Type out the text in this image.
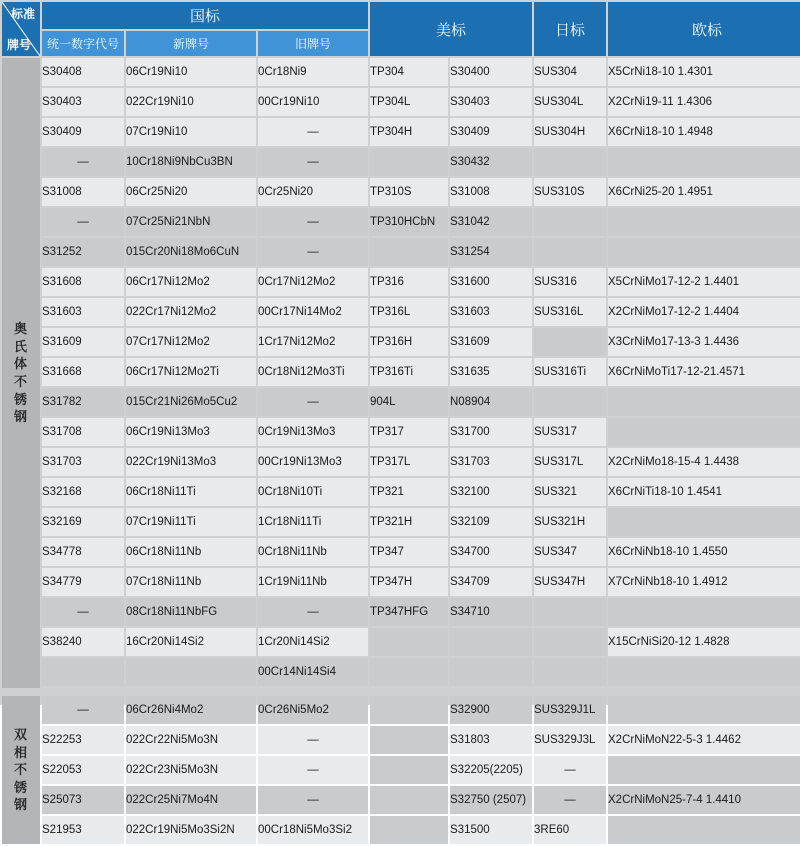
标准
牌号	国标			美标		日标	欧标
	统一数字代号	新牌号	旧牌号				

奥氏体不锈钢	S30408	06Cr19Ni10	0Cr18Ni9	TP304	S30400	SUS304	X5CrNi18-10 1.4301
	S30403	022Cr19Ni10	00Cr19Ni10	TP304L	S30403	SUS304L	X2CrNi19-11 1.4306
	S30409	07Cr19Ni10	—	TP304H	S30409	SUS304H	X6CrNi18-10 1.4948
	—	10Cr18Ni9NbCu3BN	—		S30432		
	S31008	06Cr25Ni20	0Cr25Ni20	TP310S	S31008	SUS310S	X6CrNi25-20 1.4951
	—	07Cr25Ni21NbN	—	TP310HCbN	S31042		
	S31252	015Cr20Ni18Mo6CuN	—		S31254		
	S31608	06Cr17Ni12Mo2	0Cr17Ni12Mo2	TP316	S31600	SUS316	X5CrNiMo17-12-2 1.4401
	S31603	022Cr17Ni12Mo2	00Cr17Ni14Mo2	TP316L	S31603	SUS316L	X2CrNiMo17-12-2 1.4404
	S31609	07Cr17Ni12Mo2	1Cr17Ni12Mo2	TP316H	S31609		X3CrNiMo17-13-3 1.4436
	S31668	06Cr17Ni12Mo2Ti	0Cr18Ni12Mo3Ti	TP316Ti	S31635	SUS316Ti	X6CrNiMoTi17-12-21.4571
	S31782	015Cr21Ni26Mo5Cu2	—	904L	N08904		
	S31708	06Cr19Ni13Mo3	0Cr19Ni13Mo3	TP317	S31700	SUS317	
	S31703	022Cr19Ni13Mo3	00Cr19Ni13Mo3	TP317L	S31703	SUS317L	X2CrNiMo18-15-4 1.4438
	S32168	06Cr18Ni11Ti	0Cr18Ni10Ti	TP321	S32100	SUS321	X6CrNiTi18-10 1.4541
	S32169	07Cr19Ni11Ti	1Cr18Ni11Ti	TP321H	S32109	SUS321H	
	S34778	06Cr18Ni11Nb	0Cr18Ni11Nb	TP347	S34700	SUS347	X6CrNiNb18-10 1.4550
	S34779	07Cr18Ni11Nb	1Cr19Ni11Nb	TP347H	S34709	SUS347H	X7CrNiNb18-10 1.4912
	—	08Cr18Ni11NbFG	—	TP347HFG	S34710		
	S38240	16Cr20Ni14Si2	1Cr20Ni14Si2				X15CrNiSi20-12 1.4828
			00Cr14Ni14Si4				

双相不锈钢	—	06Cr26Ni4Mo2	0Cr26Ni5Mo2		S32900	SUS329J1L	
	S22253	022Cr22Ni5Mo3N	—		S31803	SUS329J3L	X2CrNiMoN22-5-3 1.4462
	S22053	022Cr23Ni5Mo3N	—		S32205(2205)	—	
	S25073	022Cr25Ni7Mo4N	—		S32750 (2507)	—	X2CrNiMoN25-7-4 1.4410
	S21953	022Cr19Ni5Mo3Si2N	00Cr18Ni5Mo3Si2		S31500	3RE60	
